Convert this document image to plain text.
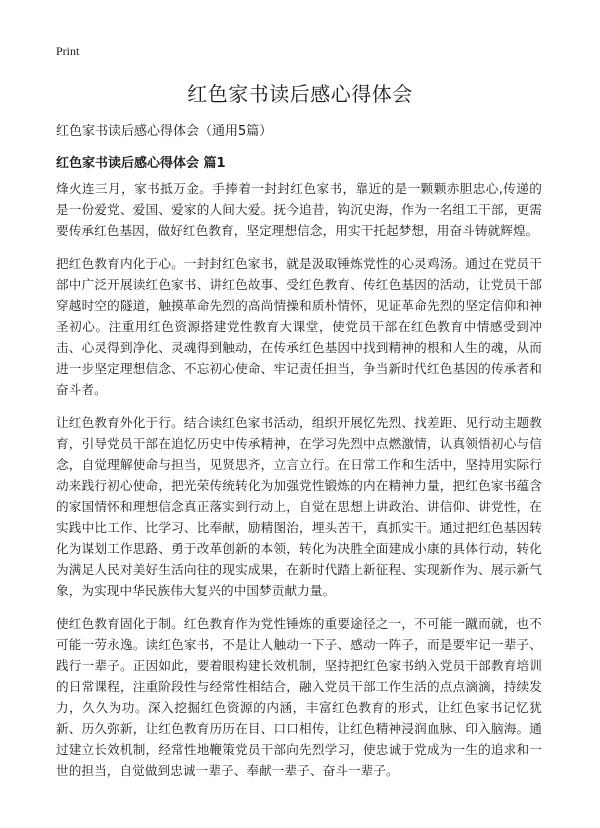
Print
红色家书读后感心得体会

红色家书读后感心得体会（通用5篇）

红色家书读后感心得体会 篇1

烽火连三月，家书抵万金。手捧着一封封红色家书，靠近的是一颗颗赤胆忠心,传递的是一份爱党、爱国、爱家的人间大爱。抚今追昔，钩沉史海，作为一名组工干部，更需要传承红色基因，做好红色教育，坚定理想信念，用实干托起梦想，用奋斗铸就辉煌。

把红色教育内化于心。一封封红色家书，就是汲取锤炼党性的心灵鸡汤。通过在党员干部中广泛开展读红色家书、讲红色故事、受红色教育、传红色基因的活动，让党员干部穿越时空的隧道，触摸革命先烈的高尚情操和质朴情怀，见证革命先烈的坚定信仰和神圣初心。注重用红色资源搭建党性教育大课堂，使党员干部在红色教育中情感受到冲击、心灵得到净化、灵魂得到触动，在传承红色基因中找到精神的根和人生的魂，从而进一步坚定理想信念、不忘初心使命、牢记责任担当，争当新时代红色基因的传承者和奋斗者。

让红色教育外化于行。结合读红色家书活动，组织开展忆先烈、找差距、见行动主题教育，引导党员干部在追忆历史中传承精神，在学习先烈中点燃激情，认真领悟初心与信念，自觉理解使命与担当，见贤思齐，立言立行。在日常工作和生活中，坚持用实际行动来践行初心使命，把光荣传统转化为加强党性锻炼的内在精神力量，把红色家书蕴含的家国情怀和理想信念真正落实到行动上，自觉在思想上讲政治、讲信仰、讲党性，在实践中比工作、比学习、比奉献，励精图治，埋头苦干，真抓实干。通过把红色基因转化为谋划工作思路、勇于改革创新的本领，转化为决胜全面建成小康的具体行动，转化为满足人民对美好生活向往的现实成果，在新时代踏上新征程、实现新作为、展示新气象，为实现中华民族伟大复兴的中国梦贡献力量。

使红色教育固化于制。红色教育作为党性锤炼的重要途径之一，不可能一蹴而就，也不可能一劳永逸。读红色家书，不是让人触动一下子、感动一阵子，而是要牢记一辈子、践行一辈子。正因如此，要着眼构建长效机制，坚持把红色家书纳入党员干部教育培训的日常课程，注重阶段性与经常性相结合，融入党员干部工作生活的点点滴滴，持续发力，久久为功。深入挖掘红色资源的内涵，丰富红色教育的形式，让红色家书记忆犹新、历久弥新，让红色教育历历在目、口口相传，让红色精神浸润血脉、印入脑海。通过建立长效机制，经常性地鞭策党员干部向先烈学习，使忠诚于党成为一生的追求和一世的担当，自觉做到忠诚一辈子、奉献一辈子、奋斗一辈子。
